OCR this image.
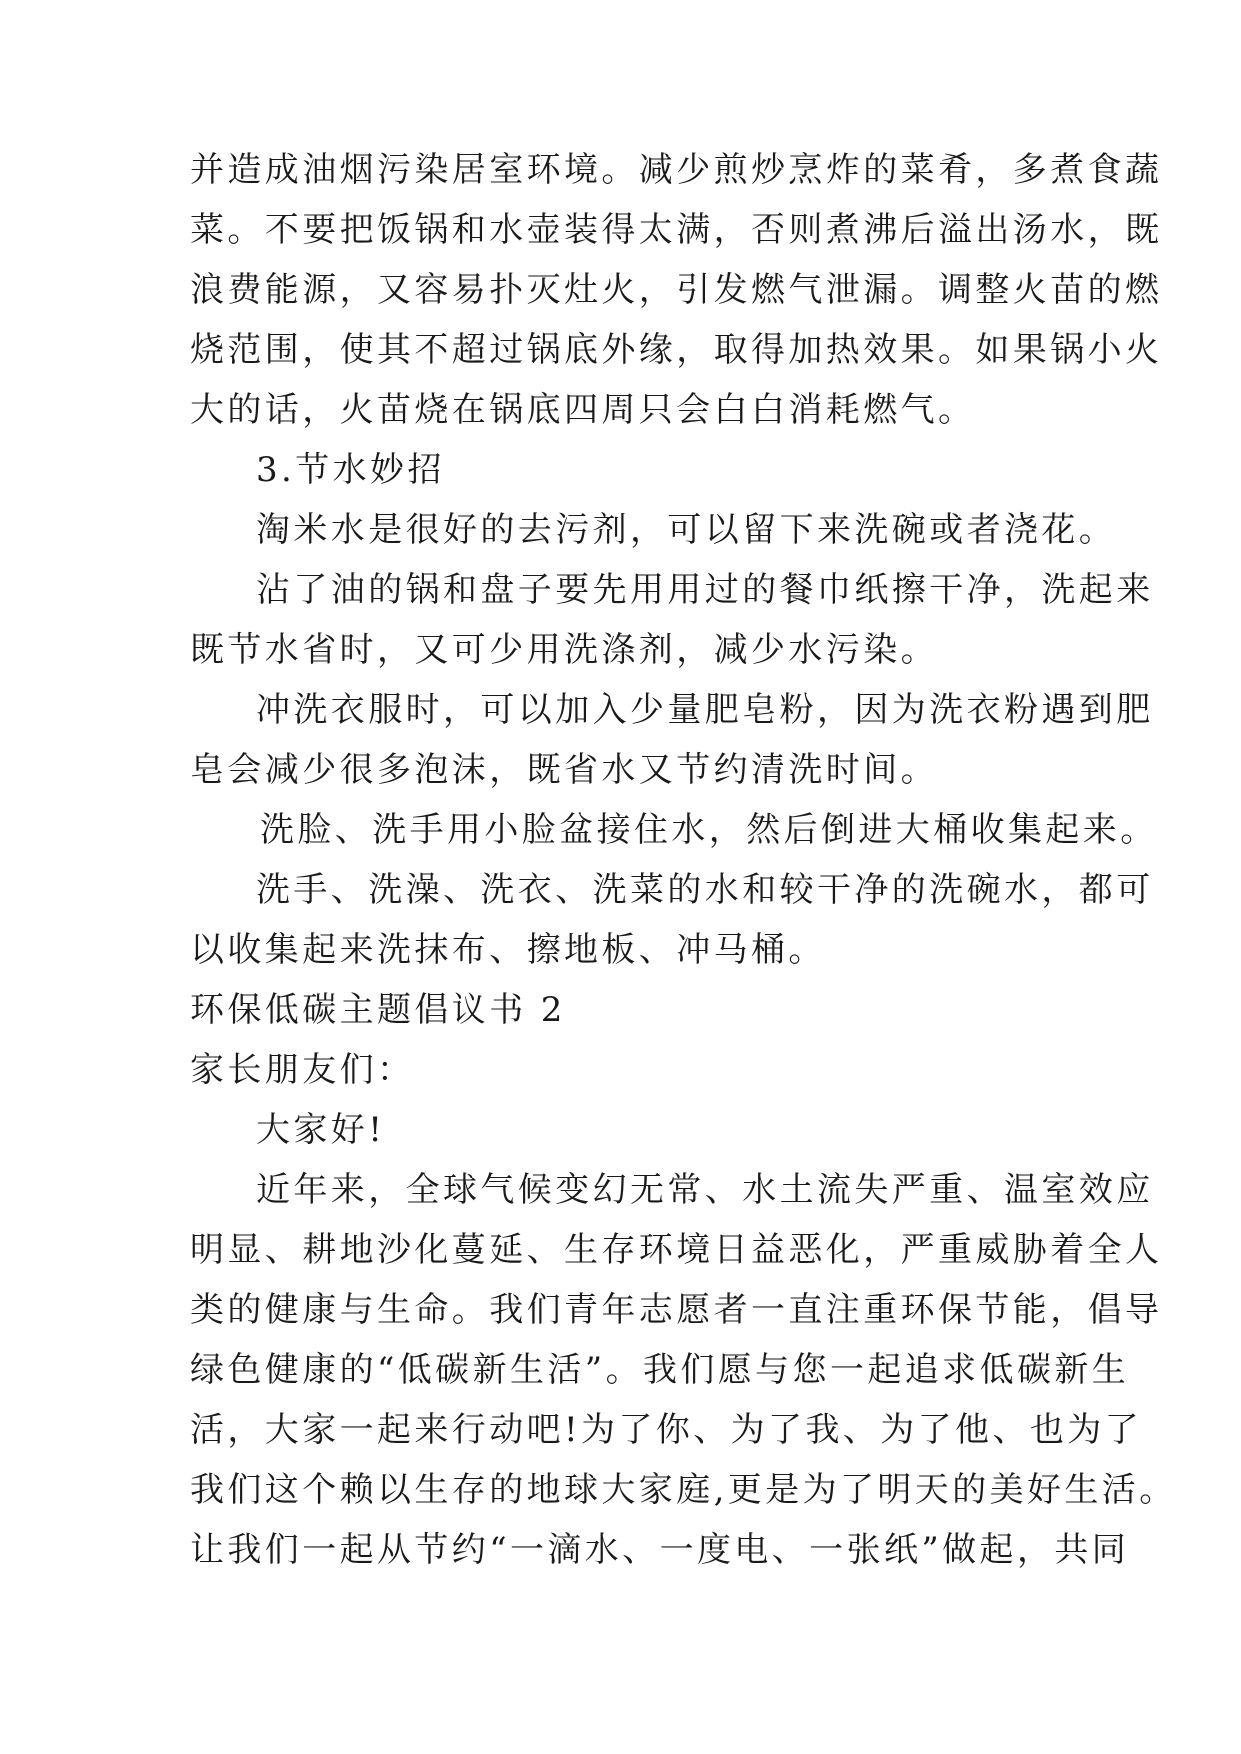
并造成油烟污染居室环境。减少煎炒烹炸的菜肴，多煮食蔬
菜。不要把饭锅和水壶装得太满，否则煮沸后溢出汤水，既
浪费能源，又容易扑灭灶火，引发燃气泄漏。调整火苗的燃
烧范围，使其不超过锅底外缘，取得加热效果。如果锅小火
大的话，火苗烧在锅底四周只会白白消耗燃气。
3.节水妙招
淘米水是很好的去污剂，可以留下来洗碗或者浇花。
沾了油的锅和盘子要先用用过的餐巾纸擦干净，洗起来
既节水省时，又可少用洗涤剂，减少水污染。
冲洗衣服时，可以加入少量肥皂粉，因为洗衣粉遇到肥
皂会减少很多泡沫，既省水又节约清洗时间。
洗脸、洗手用小脸盆接住水，然后倒进大桶收集起来。
洗手、洗澡、洗衣、洗菜的水和较干净的洗碗水，都可
以收集起来洗抹布、擦地板、冲马桶。
环保低碳主题倡议书 2
家长朋友们：
大家好!
近年来，全球气候变幻无常、水土流失严重、温室效应
明显、耕地沙化蔓延、生存环境日益恶化，严重威胁着全人
类的健康与生命。我们青年志愿者一直注重环保节能，倡导
绿色健康的“低碳新生活”。我们愿与您一起追求低碳新生
活，大家一起来行动吧!为了你、为了我、为了他、也为了
我们这个赖以生存的地球大家庭,更是为了明天的美好生活。
让我们一起从节约“一滴水、一度电、一张纸”做起，共同
